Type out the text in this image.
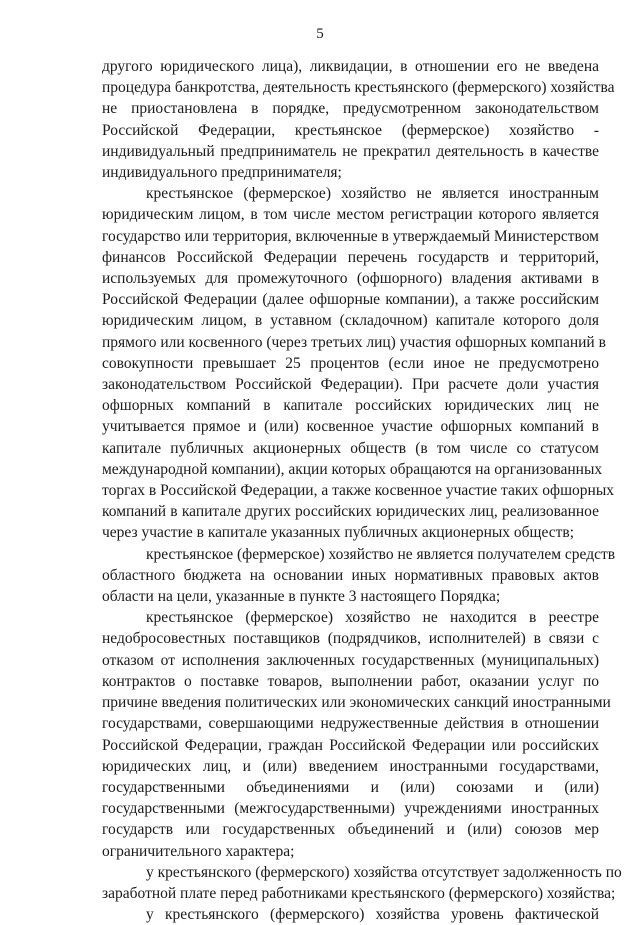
5
другого юридического лица), ликвидации, в отношении его не введена
процедура банкротства, деятельность крестьянского (фермерского) хозяйства
не приостановлена в порядке, предусмотренном законодательством
Российской Федерации, крестьянское (фермерское) хозяйство -
индивидуальный предприниматель не прекратил деятельность в качестве
индивидуального предпринимателя;
крестьянское (фермерское) хозяйство не является иностранным
юридическим лицом, в том числе местом регистрации которого является
государство или территория, включенные в утверждаемый Министерством
финансов Российской Федерации перечень государств и территорий,
используемых для промежуточного (офшорного) владения активами в
Российской Федерации (далее офшорные компании), а также российским
юридическим лицом, в уставном (складочном) капитале которого доля
прямого или косвенного (через третьих лиц) участия офшорных компаний в
совокупности превышает 25 процентов (если иное не предусмотрено
законодательством Российской Федерации). При расчете доли участия
офшорных компаний в капитале российских юридических лиц не
учитывается прямое и (или) косвенное участие офшорных компаний в
капитале публичных акционерных обществ (в том числе со статусом
международной компании), акции которых обращаются на организованных
торгах в Российской Федерации, а также косвенное участие таких офшорных
компаний в капитале других российских юридических лиц, реализованное
через участие в капитале указанных публичных акционерных обществ;
крестьянское (фермерское) хозяйство не является получателем средств
областного бюджета на основании иных нормативных правовых актов
области на цели, указанные в пункте 3 настоящего Порядка;
крестьянское (фермерское) хозяйство не находится в реестре
недобросовестных поставщиков (подрядчиков, исполнителей) в связи с
отказом от исполнения заключенных государственных (муниципальных)
контрактов о поставке товаров, выполнении работ, оказании услуг по
причине введения политических или экономических санкций иностранными
государствами, совершающими недружественные действия в отношении
Российской Федерации, граждан Российской Федерации или российских
юридических лиц, и (или) введением иностранными государствами,
государственными объединениями и (или) союзами и (или)
государственными (межгосударственными) учреждениями иностранных
государств или государственных объединений и (или) союзов мер
ограничительного характера;
у крестьянского (фермерского) хозяйства отсутствует задолженность по
заработной плате перед работниками крестьянского (фермерского) хозяйства;
у крестьянского (фермерского) хозяйства уровень фактической
